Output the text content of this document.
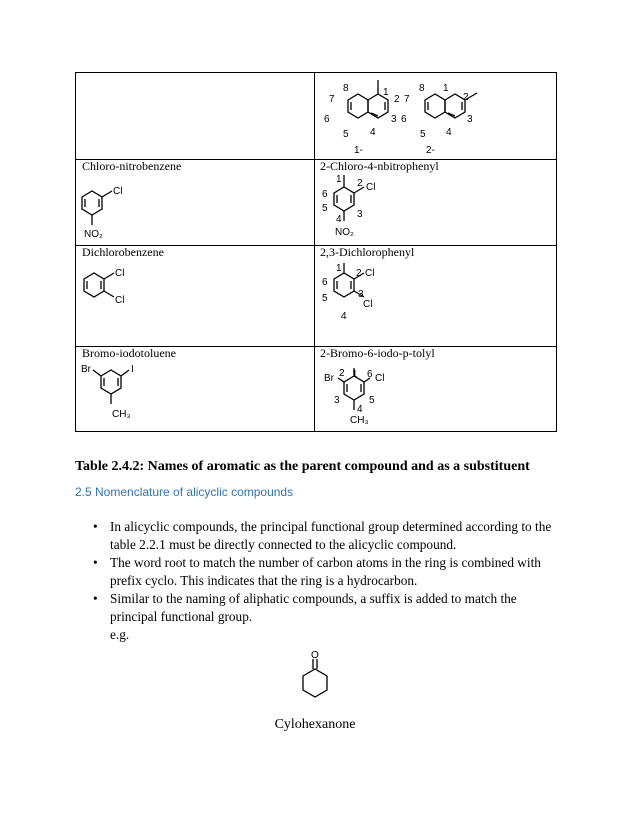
8	1
2
7
6
5 4
3
1-
8 1
2
7
6
5 4
3
2-
Chloro-nitrobenzene	2-Chloro-4-nbitrophenyl
Cl
NO₂
1 2 Cl
6
5
4 3
NO₂
Dichlorobenzene	2,3-Dichlorophenyl
Cl
Cl
1 2 Cl
6
5	3
Cl
4
Bromo-iodotoluene	2-Bromo-6-iodo-p-tolyl
Br	I
CH₃
Br 2 1 6 Cl
3	5
4
CH₃
Table 2.4.2: Names of aromatic as the parent compound and as a substituent
2.5 Nomenclature of alicyclic compounds
• In alicyclic compounds, the principal functional group determined according to the table 2.2.1 must be directly connected to the alicyclic compound.
• The word root to match the number of carbon atoms in the ring is combined with prefix cyclo. This indicates that the ring is a hydrocarbon.
• Similar to the naming of aliphatic compounds, a suffix is added to match the principal functional group.
e.g.
O
Cylohexanone
